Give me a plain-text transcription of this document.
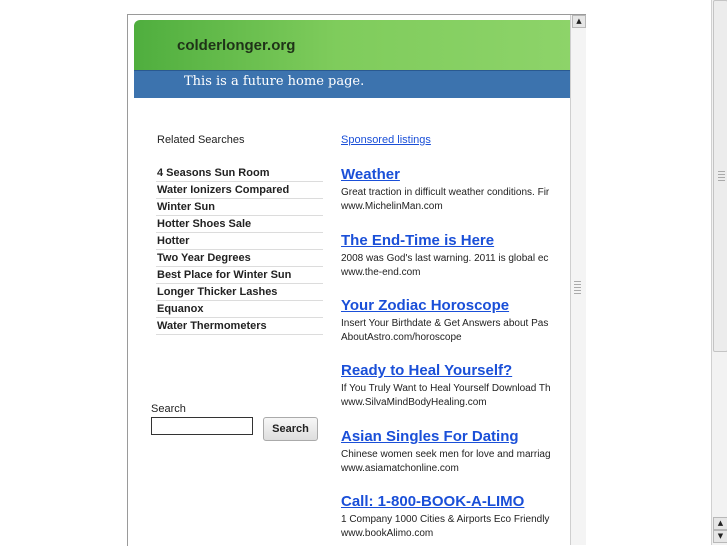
▲
▼
colderlonger.org
This is a future home page.
Related Searches
4 Seasons Sun Room
Water Ionizers Compared
Winter Sun
Hotter Shoes Sale
Hotter
Two Year Degrees
Best Place for Winter Sun
Longer Thicker Lashes
Equanox
Water Thermometers
Search
Search
Sponsored listings
Weather
Great traction in difficult weather conditions. Fir
www.MichelinMan.com
The End-Time is Here
2008 was God's last warning. 2011 is global ec
www.the-end.com
Your Zodiac Horoscope
Insert Your Birthdate & Get Answers about Pas
AboutAstro.com/horoscope
Ready to Heal Yourself?
If You Truly Want to Heal Yourself Download Th
www.SilvaMindBodyHealing.com
Asian Singles For Dating
Chinese women seek men for love and marriag
www.asiamatchonline.com
Call: 1-800-BOOK-A-LIMO
1 Company 1000 Cities & Airports Eco Friendly
www.bookAlimo.com
▲
